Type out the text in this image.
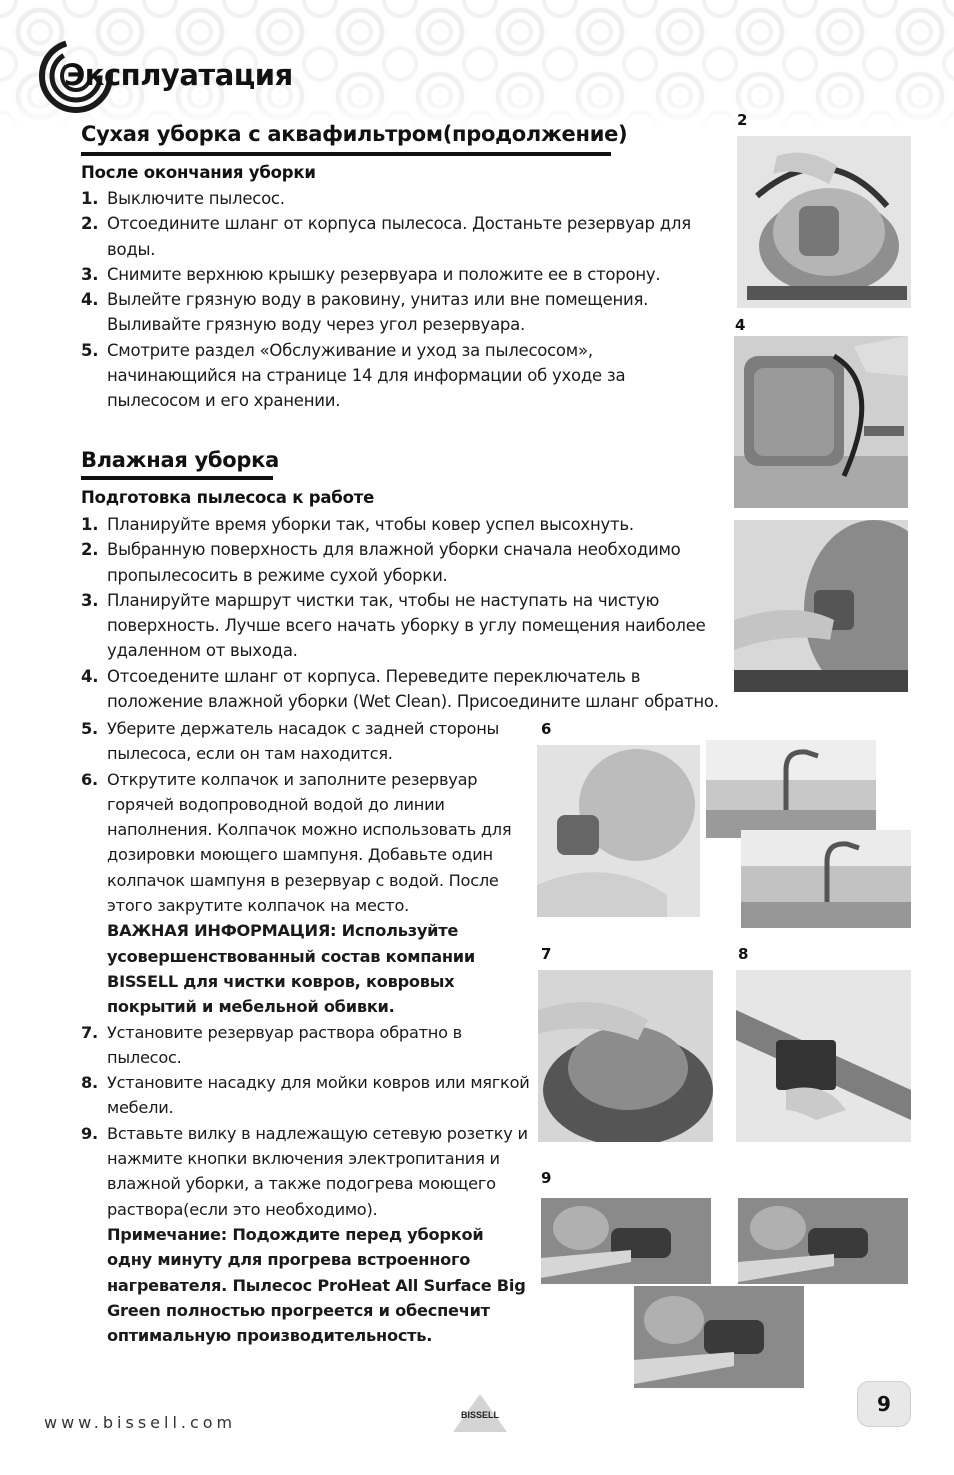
Эксплуатация
Сухая уборка с аквафильтром(продолжение)
После окончания уборки
1. Выключите пылесос.
2. Отсоедините шланг от корпуса пылесоса. Достаньте резервуар для воды.
3. Снимите верхнюю крышку резервуара и положите ее в сторону.
4. Вылейте грязную воду в раковину, унитаз или вне помещения. Выливайте грязную воду через угол резервуара.
5. Смотрите раздел «Обслуживание и уход за пылесосом», начинающийся на странице 14 для информации об уходе за пылесосом и его хранении.
Влажная уборка
Подготовка пылесоса к работе
1. Планируйте время уборки так, чтобы ковер успел высохнуть.
2. Выбранную поверхность для влажной уборки сначала необходимо пропылесосить в режиме сухой уборки.
3. Планируйте маршрут чистки так, чтобы не наступать на чистую поверхность. Лучше всего начать уборку в углу помещения наиболее удаленном от выхода.
4. Отсоедените шланг от корпуса. Переведите переключатель в положение влажной уборки (Wet Clean). Присоедините шланг обратно.
5. Уберите держатель насадок с задней стороны пылесоса, если он там находится.
6. Открутите колпачок и заполните резервуар горячей водопроводной водой до линии наполнения. Колпачок можно использовать для дозировки моющего шампуня. Добавьте один колпачок шампуня в резервуар с водой. После этого закрутите колпачок на место.
ВАЖНАЯ ИНФОРМАЦИЯ: Используйте усовершенствованный состав компании BISSELL для чистки ковров, ковровых покрытий и мебельной обивки.
7. Установите резервуар раствора обратно в пылесос.
8. Установите насадку для мойки ковров или мягкой мебели.
9. Вставьте вилку в надлежащую сетевую розетку и нажмите кнопки включения электропитания и влажной уборки, а также подогрева моющего раствора(если это необходимо).
Примечание: Подождите перед уборкой одну минуту для прогрева встроенного нагревателя. Пылесос ProHeat All Surface Big Green полностью прогреется и обеспечит оптимальную производительность.
2
4
6
7	8
9
www.bissell.com	BISSELL	9
